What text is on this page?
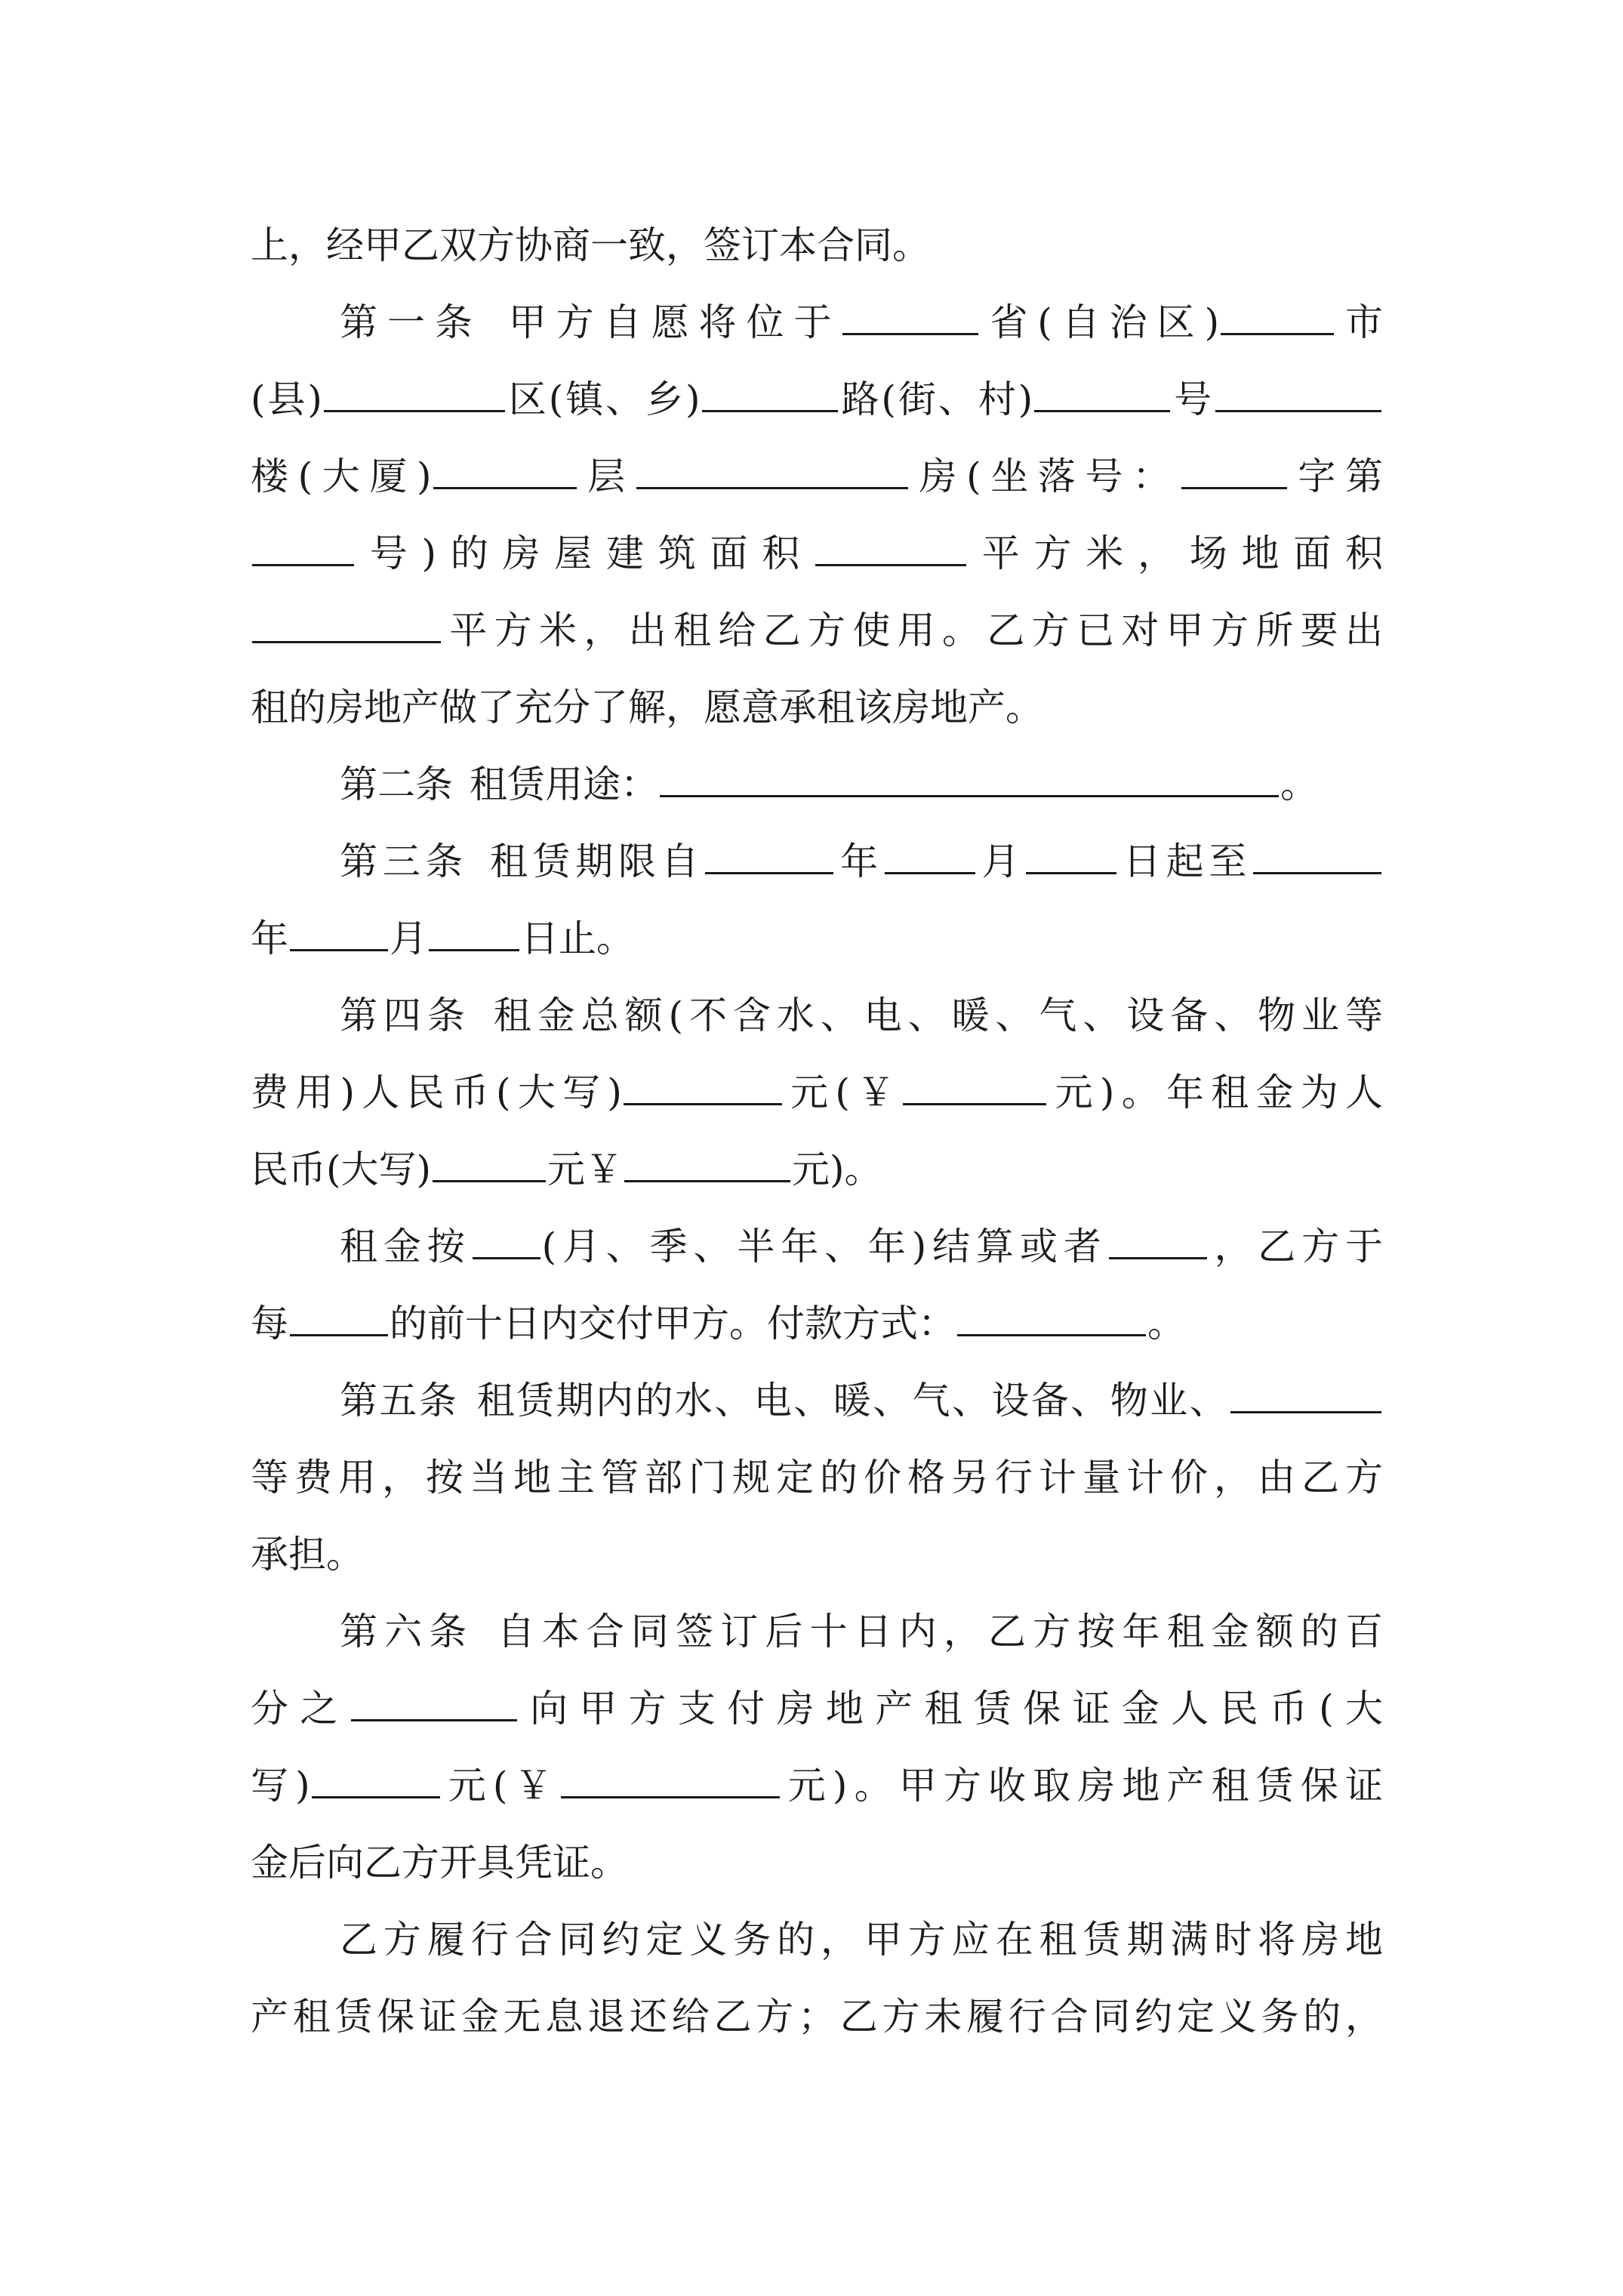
上，经甲乙双方协商一致，签订本合同。
第一条 甲方自愿将位于	省(自治区)	市
(县)	区(镇、乡)	路(街、村)	号
楼(大厦)	层	房(坐落号：	字第
号)的房屋建筑面积	平方米，场地面积
平方米，出租给乙方使用。乙方已对甲方所要出
租的房地产做了充分了解，愿意承租该房地产。
第二条 租赁用途：	。
第三条 租赁期限自	年 月 日起至
年	月 日止。
第四条 租金总额(不含水、电、暖、气、设备、物业等
费用)人民币(大写)	元(￥	元)。年租金为人
民币(大写)	元￥	元)。
租金按 (月、季、半年、年)结算或者	，乙方于
每	的前十日内交付甲方。付款方式：	。
第五条 租赁期内的水、电、暖、气、设备、物业、
等费用，按当地主管部门规定的价格另行计量计价，由乙方
承担。
第六条 自本合同签订后十日内，乙方按年租金额的百
分之	向甲方支付房地产租赁保证金人民币(大
写)	元(￥	元)。甲方收取房地产租赁保证
金后向乙方开具凭证。
乙方履行合同约定义务的，甲方应在租赁期满时将房地
产租赁保证金无息退还给乙方；乙方未履行合同约定义务的，
